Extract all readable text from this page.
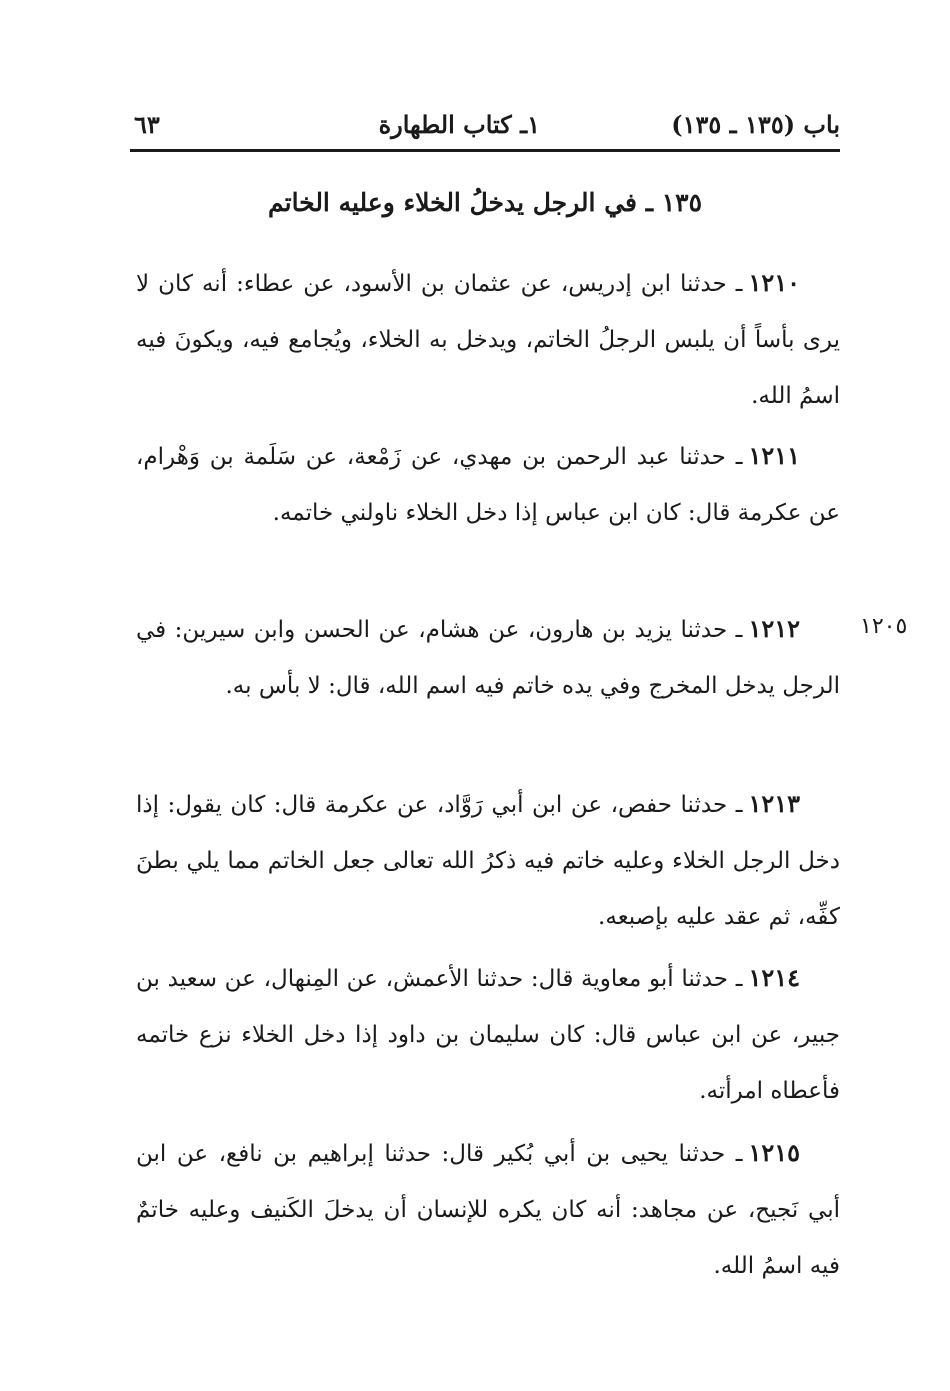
باب (١٣٥ ـ ١٣٥)
١ـ كتاب الطهارة
٦٣
١٣٥ ـ في الرجل يدخلُ الخلاء وعليه الخاتم
١٢١٠ـ حدثنا ابن إدريس، عن عثمان بن الأسود، عن عطاء: أنه كان لا يرى بأساً أن يلبس الرجلُ الخاتم، ويدخل به الخلاء، ويُجامع فيه، ويكونَ فيه اسمُ الله.
١٢١١ـ حدثنا عبد الرحمن بن مهدي، عن زَمْعة، عن سَلَمة بن وَهْرام، عن عكرمة قال: كان ابن عباس إذا دخل الخلاء ناولني خاتمه.
١٢١٢ـ حدثنا يزيد بن هارون، عن هشام، عن الحسن وابن سيرين: في الرجل يدخل المخرج وفي يده خاتم فيه اسم الله، قال: لا بأس به.
١٢٠٥
١٢١٣ـ حدثنا حفص، عن ابن أبي رَوَّاد، عن عكرمة قال: كان يقول: إذا دخل الرجل الخلاء وعليه خاتم فيه ذكرُ الله تعالى جعل الخاتم مما يلي بطنَ كفِّه، ثم عقد عليه بإصبعه.
١٢١٤ـ حدثنا أبو معاوية قال: حدثنا الأعمش، عن المِنهال، عن سعيد بن جبير، عن ابن عباس قال: كان سليمان بن داود إذا دخل الخلاء نزع خاتمه فأعطاه امرأته.
١٢١٥ـ حدثنا يحيى بن أبي بُكير قال: حدثنا إبراهيم بن نافع، عن ابن أبي نَجيح، عن مجاهد: أنه كان يكره للإنسان أن يدخلَ الكَنيف وعليه خاتمٌ فيه اسمُ الله.
